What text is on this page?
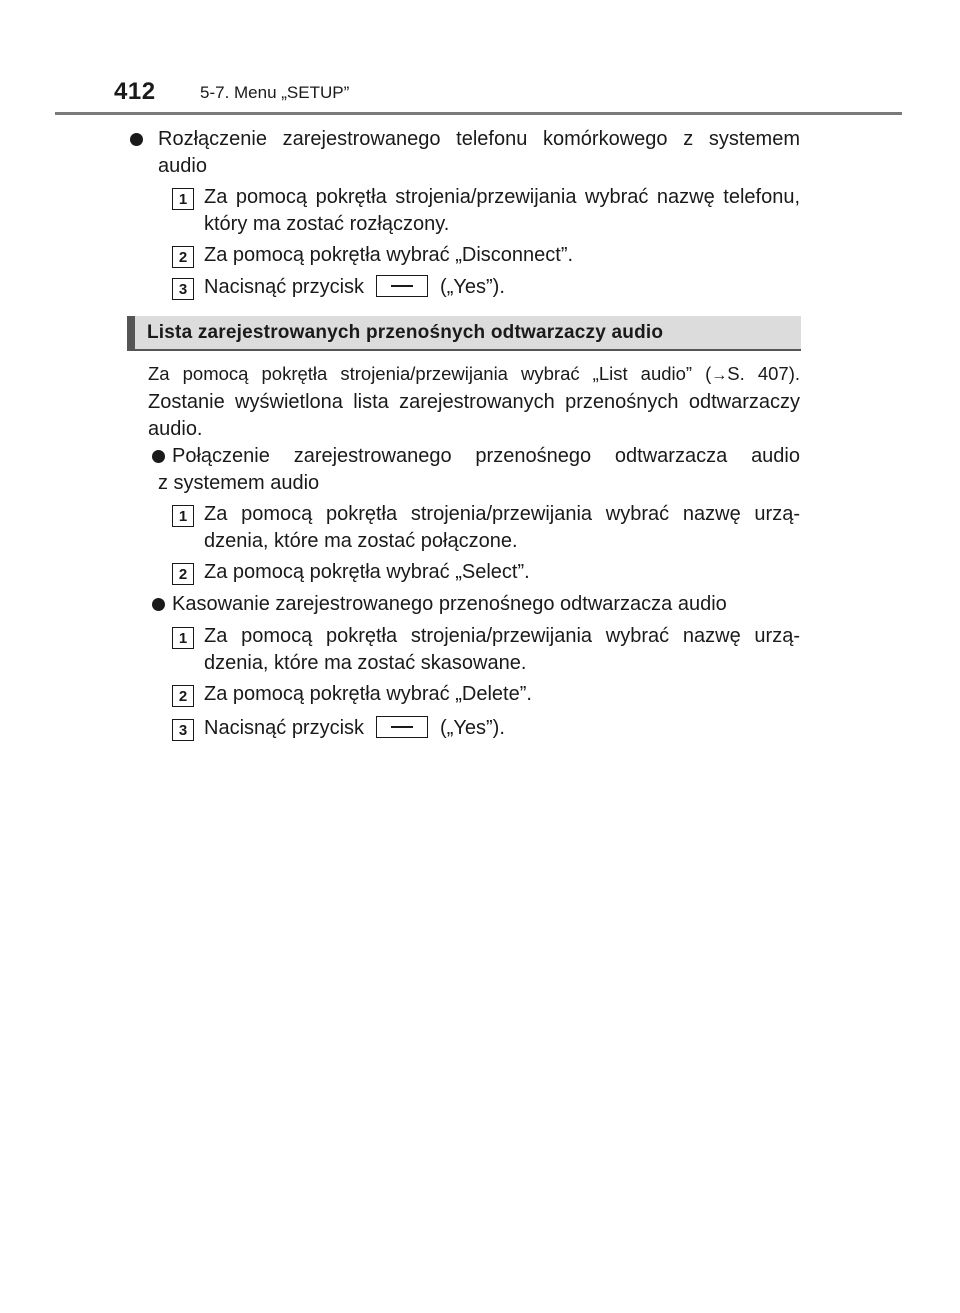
412	5-7. Menu „SETUP”
Rozłączenie zarejestrowanego telefonu komórkowego z systemem
audio
1 Za pomocą pokrętła strojenia/przewijania wybrać nazwę telefonu,
który ma zostać rozłączony.
2 Za pomocą pokrętła wybrać „Disconnect”.
3 Nacisnąć przycisk	(„Yes”).
Lista zarejestrowanych przenośnych odtwarzaczy audio
Za pomocą pokrętła strojenia/przewijania wybrać „List audio” (→S. 407).
Zostanie wyświetlona lista zarejestrowanych przenośnych odtwarzaczy
audio.
Połączenie zarejestrowanego przenośnego odtwarzacza audio
z systemem audio
1 Za pomocą pokrętła strojenia/przewijania wybrać nazwę urzą-
dzenia, które ma zostać połączone.
2 Za pomocą pokrętła wybrać „Select”.
Kasowanie zarejestrowanego przenośnego odtwarzacza audio
1 Za pomocą pokrętła strojenia/przewijania wybrać nazwę urzą-
dzenia, które ma zostać skasowane.
2 Za pomocą pokrętła wybrać „Delete”.
3 Nacisnąć przycisk	(„Yes”).
